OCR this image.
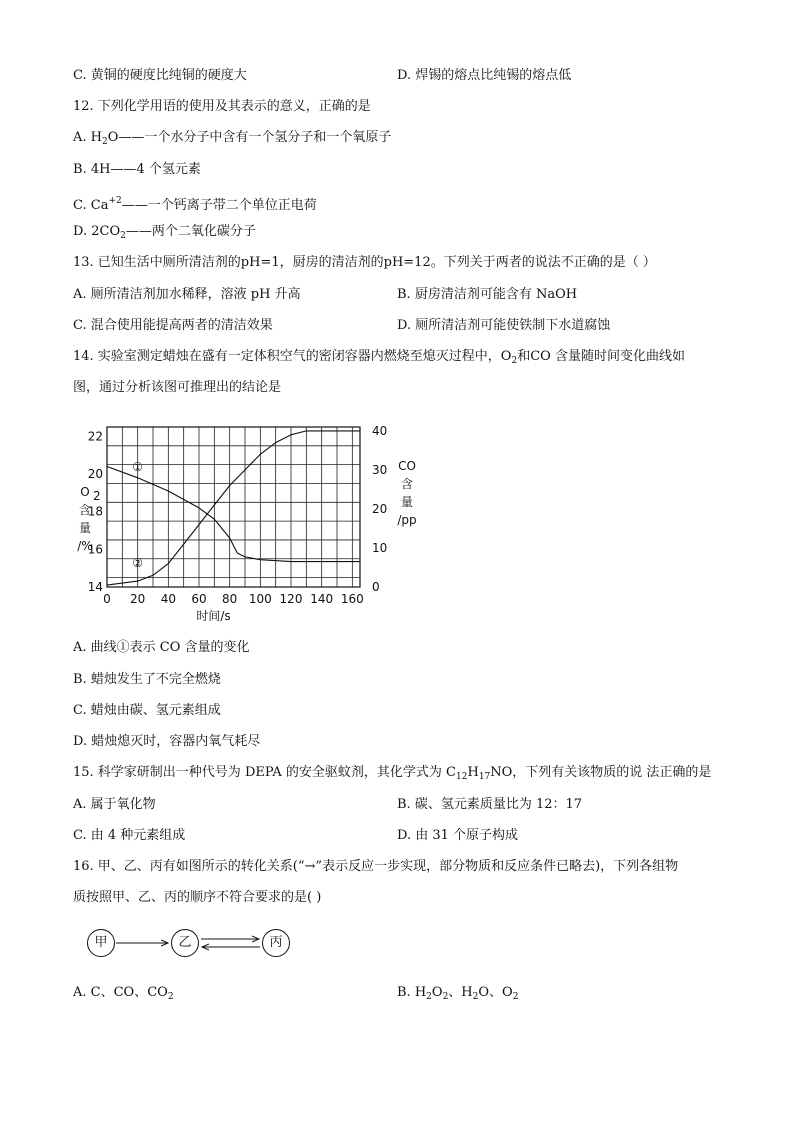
C. 黄铜的硬度比纯铜的硬度大	D. 焊锡的熔点比纯锡的熔点低
12. 下列化学用语的使用及其表示的意义，正确的是
A. $H_2O——$一个水分子中含有一个氢分子和一个氧原子
B. 4H——4 个氢元素
C. $Ca^{+2}——$一个钙离子带二个单位正电荷
D. $2CO_2——$两个二氧化碳分子
13. 已知生活中厕所清洁剂的pH=1，厨房的清洁剂的pH=12。下列关于两者的说法不正确的是（ ）
A. 厕所清洁剂加水稀释，溶液 pH 升高	B. 厨房清洁剂可能含有 NaOH
C. 混合使用能提高两者的清洁效果	D. 厕所清洁剂可能使铁制下水道腐蚀
14. 实验室测定蜡烛在盛有一定体积空气的密闭容器内燃烧至熄灭过程中，$O_2$和CO 含量随时间变化曲线如
图，通过分析该图可推理出的结论是
0 20 40 60 80 100 120 140 160
14
16
18
20
22
0
10
20
30
40
时间/s
O 2
含
量
/%
CO
含
量
/pp
①
②
A. 曲线①表示 CO 含量的变化
B. 蜡烛发生了不完全燃烧
C. 蜡烛由碳、氢元素组成
D. 蜡烛熄灭时，容器内氧气耗尽
15. 科学家研制出一种代号为 DEPA 的安全驱蚊剂，其化学式为 $C_{12}H_{17}NO$，下列有关该物质的说 法正确的是
A. 属于氧化物	B. 碳、氢元素质量比为 12：17
C. 由 4 种元素组成	D. 由 31 个原子构成
16. 甲、乙、丙有如图所示的转化关系(“→”表示反应一步实现，部分物质和反应条件已略去)，下列各组物
质按照甲、乙、丙的顺序不符合要求的是( )
甲	乙	丙
A. C、CO、$CO_2$	B. $H_2O_2$、$H_2O$、$O_2$
